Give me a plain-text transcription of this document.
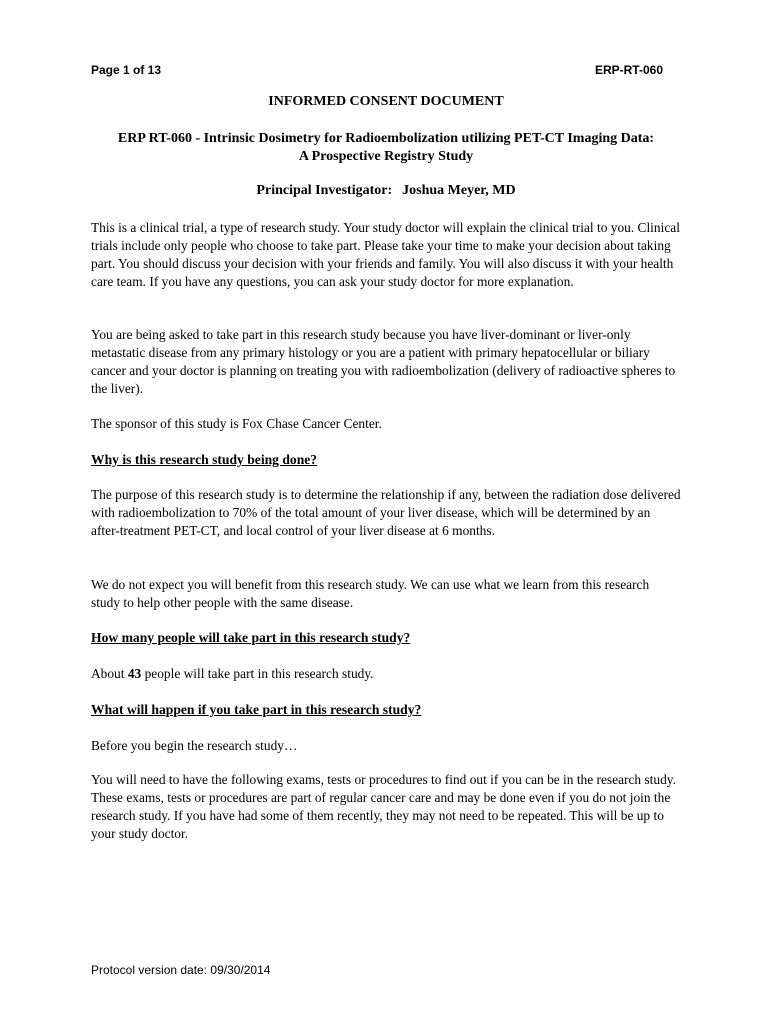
Page 1 of 13	ERP-RT-060
INFORMED CONSENT DOCUMENT
ERP RT-060 - Intrinsic Dosimetry for Radioembolization utilizing PET-CT Imaging Data:
A Prospective Registry Study
Principal Investigator: Joshua Meyer, MD

This is a clinical trial, a type of research study. Your study doctor will explain the clinical trial to you. Clinical trials include only people who choose to take part. Please take your time to make your decision about taking part. You should discuss your decision with your friends and family. You will also discuss it with your health care team. If you have any questions, you can ask your study doctor for more explanation.

You are being asked to take part in this research study because you have liver-dominant or liver-only metastatic disease from any primary histology or you are a patient with primary hepatocellular or biliary cancer and your doctor is planning on treating you with radioembolization (delivery of radioactive spheres to the liver).

The sponsor of this study is Fox Chase Cancer Center.

Why is this research study being done?

The purpose of this research study is to determine the relationship if any, between the radiation dose delivered with radioembolization to 70% of the total amount of your liver disease, which will be determined by an after-treatment PET-CT, and local control of your liver disease at 6 months.

We do not expect you will benefit from this research study. We can use what we learn from this research study to help other people with the same disease.

How many people will take part in this research study?

About 43 people will take part in this research study.

What will happen if you take part in this research study?

Before you begin the research study…

You will need to have the following exams, tests or procedures to find out if you can be in the research study. These exams, tests or procedures are part of regular cancer care and may be done even if you do not join the research study. If you have had some of them recently, they may not need to be repeated. This will be up to your study doctor.

Protocol version date: 09/30/2014
